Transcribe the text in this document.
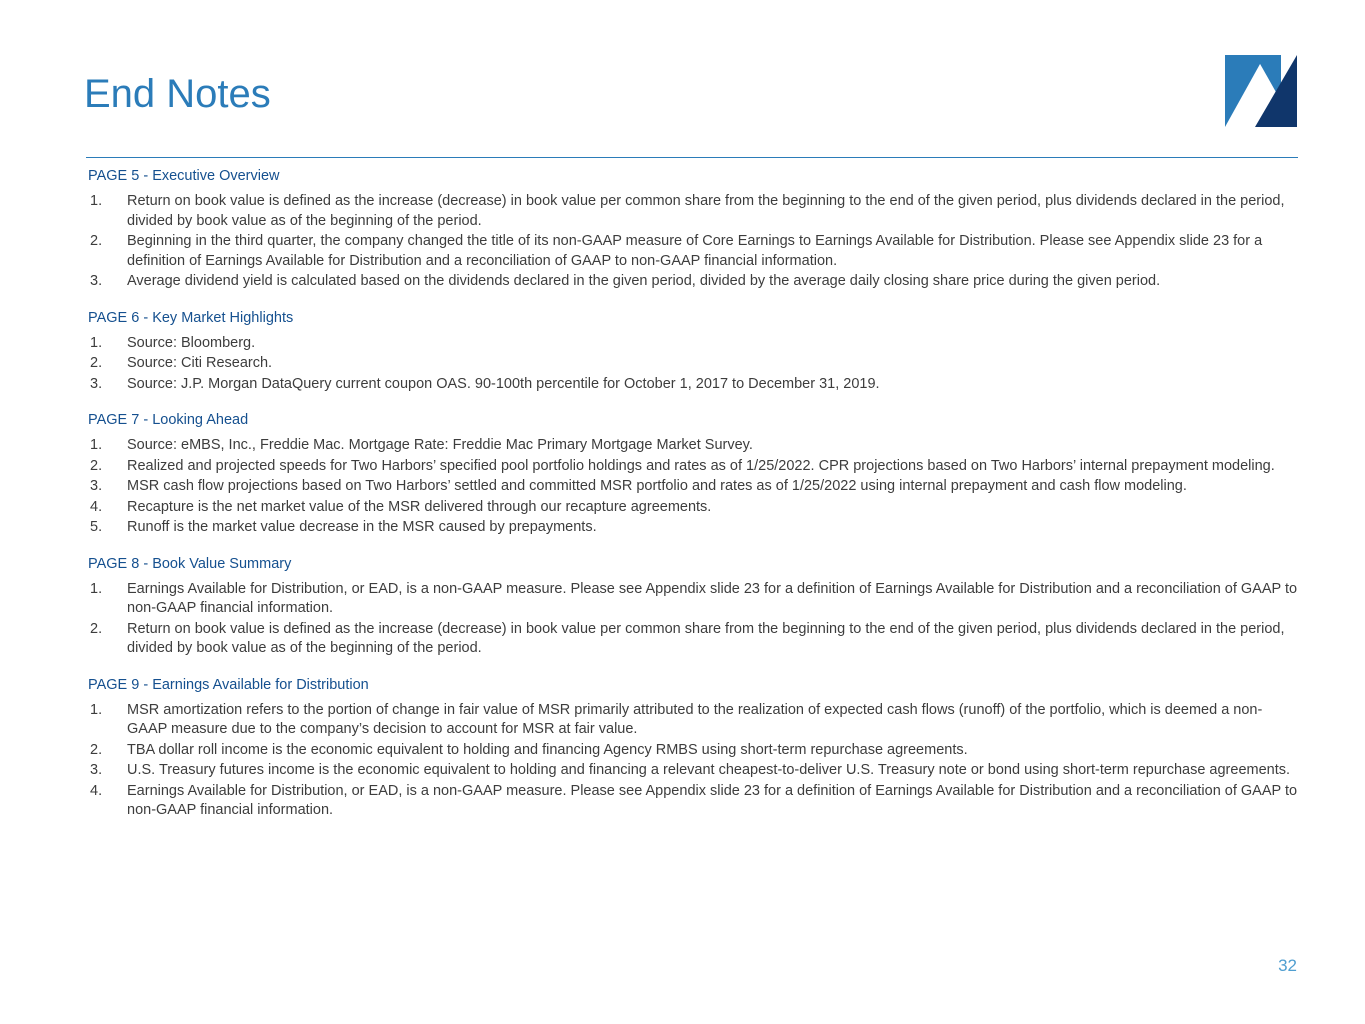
End Notes
PAGE 5 - Executive Overview
1.	Return on book value is defined as the increase (decrease) in book value per common share from the beginning to the end of the given period, plus dividends declared in the period, divided by book value as of the beginning of the period.
2.	Beginning in the third quarter, the company changed the title of its non-GAAP measure of Core Earnings to Earnings Available for Distribution. Please see Appendix slide 23 for a definition of Earnings Available for Distribution and a reconciliation of GAAP to non-GAAP financial information.
3.	Average dividend yield is calculated based on the dividends declared in the given period, divided by the average daily closing share price during the given period.
PAGE 6 - Key Market Highlights
1.	Source: Bloomberg.
2.	Source: Citi Research.
3.	Source: J.P. Morgan DataQuery current coupon OAS. 90-100th percentile for October 1, 2017 to December 31, 2019.
PAGE 7 - Looking Ahead
1.	Source: eMBS, Inc., Freddie Mac. Mortgage Rate: Freddie Mac Primary Mortgage Market Survey.
2.	Realized and projected speeds for Two Harbors’ specified pool portfolio holdings and rates as of 1/25/2022. CPR projections based on Two Harbors’ internal prepayment modeling.
3.	MSR cash flow projections based on Two Harbors’ settled and committed MSR portfolio and rates as of 1/25/2022 using internal prepayment and cash flow modeling.
4.	Recapture is the net market value of the MSR delivered through our recapture agreements.
5.	Runoff is the market value decrease in the MSR caused by prepayments.
PAGE 8 - Book Value Summary
1.	Earnings Available for Distribution, or EAD, is a non-GAAP measure. Please see Appendix slide 23 for a definition of Earnings Available for Distribution and a reconciliation of GAAP to non-GAAP financial information.
2.	Return on book value is defined as the increase (decrease) in book value per common share from the beginning to the end of the given period, plus dividends declared in the period, divided by book value as of the beginning of the period.
PAGE 9 - Earnings Available for Distribution
1.	MSR amortization refers to the portion of change in fair value of MSR primarily attributed to the realization of expected cash flows (runoff) of the portfolio, which is deemed a non-GAAP measure due to the company’s decision to account for MSR at fair value.
2.	TBA dollar roll income is the economic equivalent to holding and financing Agency RMBS using short-term repurchase agreements.
3.	U.S. Treasury futures income is the economic equivalent to holding and financing a relevant cheapest-to-deliver U.S. Treasury note or bond using short-term repurchase agreements.
4.	Earnings Available for Distribution, or EAD, is a non-GAAP measure. Please see Appendix slide 23 for a definition of Earnings Available for Distribution and a reconciliation of GAAP to non-GAAP financial information.
32
